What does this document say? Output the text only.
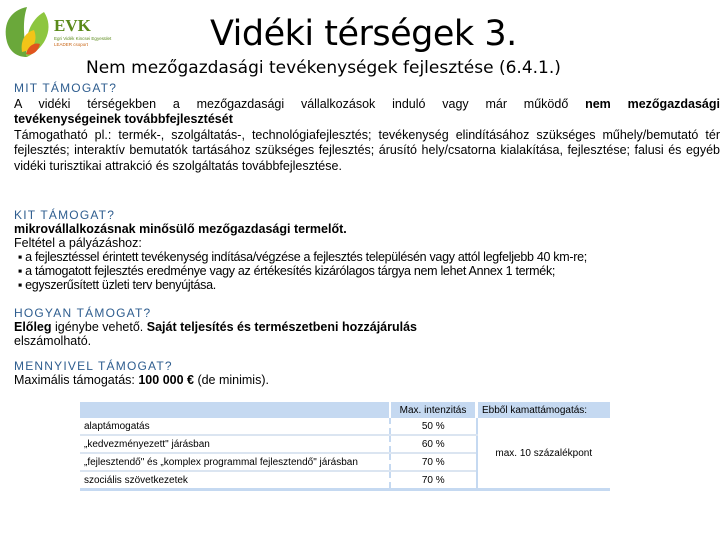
EVK
Egri Vidék Kincsei Egyesület
LEADER csoport	Vidéki térségek 3.
Nem mezőgazdasági tevékenységek fejlesztése (6.4.1.)
MIT TÁMOGAT?
A vidéki térségekben a mezőgazdasági vállalkozások induló vagy már működő nem mezőgazdasági
tevékenységeinek továbbfejlesztését
Támogatható pl.: termék-, szolgáltatás-, technológiafejlesztés; tevékenység elindításához szükséges műhely/bemutató tér fejlesztés; interaktív bemutatók tartásához szükséges fejlesztés; árusító hely/csatorna kialakítása, fejlesztése; falusi és egyéb vidéki turisztikai attrakció és szolgáltatás továbbfejlesztése.
KIT TÁMOGAT?
mikrovállalkozásnak minősülő mezőgazdasági termelőt.
Feltétel a pályázáshoz:
▪ a fejlesztéssel érintett tevékenység indítása/végzése a fejlesztés településén vagy attól legfeljebb 40 km-re;
▪ a támogatott fejlesztés eredménye vagy az értékesítés kizárólagos tárgya nem lehet Annex 1 termék;
▪ egyszerűsített üzleti terv benyújtása.
HOGYAN TÁMOGAT?
Előleg igénybe vehető. Saját teljesítés és természetbeni hozzájárulás
elszámolható.
MENNYIVEL TÁMOGAT?
Maximális támogatás: 100 000 € (de minimis).
	Max. intenzitás	Ebből kamattámogatás:
alaptámogatás	50 %	max. 10 százalékpont
„kedvezményezett" járásban	60 %	
„fejlesztendő" és „komplex programmal fejlesztendő" járásban	70 %	
szociális szövetkezetek	70 %	
